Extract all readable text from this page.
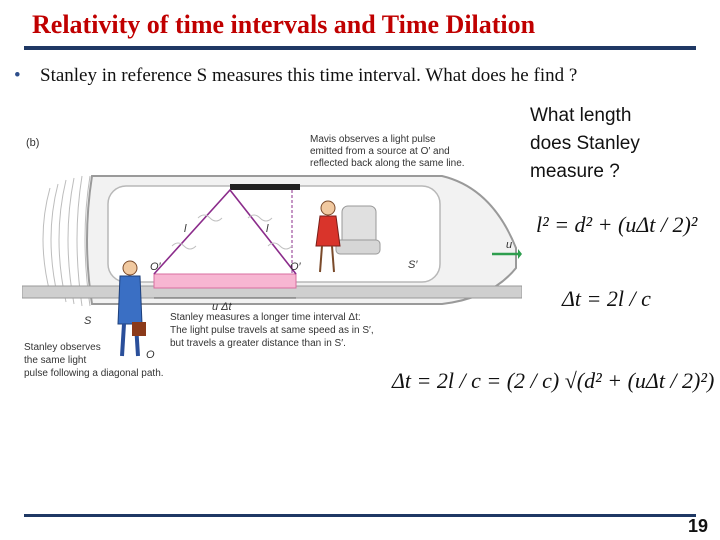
Relativity of time intervals and Time Dilation
• Stanley in reference S measures this time interval. What does he find ?
What length
does Stanley
measure ?
(b)
l	l
O′	O′	S′
u
u Δt
S
O
Mavis observes a light pulse
emitted from a source at O′ and
reflected back along the same line.
Stanley measures a longer time interval Δt:
The light pulse travels at same speed as in S′,
but travels a greater distance than in S′.
Stanley observes
the same light
pulse following a diagonal path.
l² = d² + (uΔt / 2)²
Δt = 2l / c
Δt = 2l / c = (2 / c) √(d² + (uΔt / 2)²)
19
